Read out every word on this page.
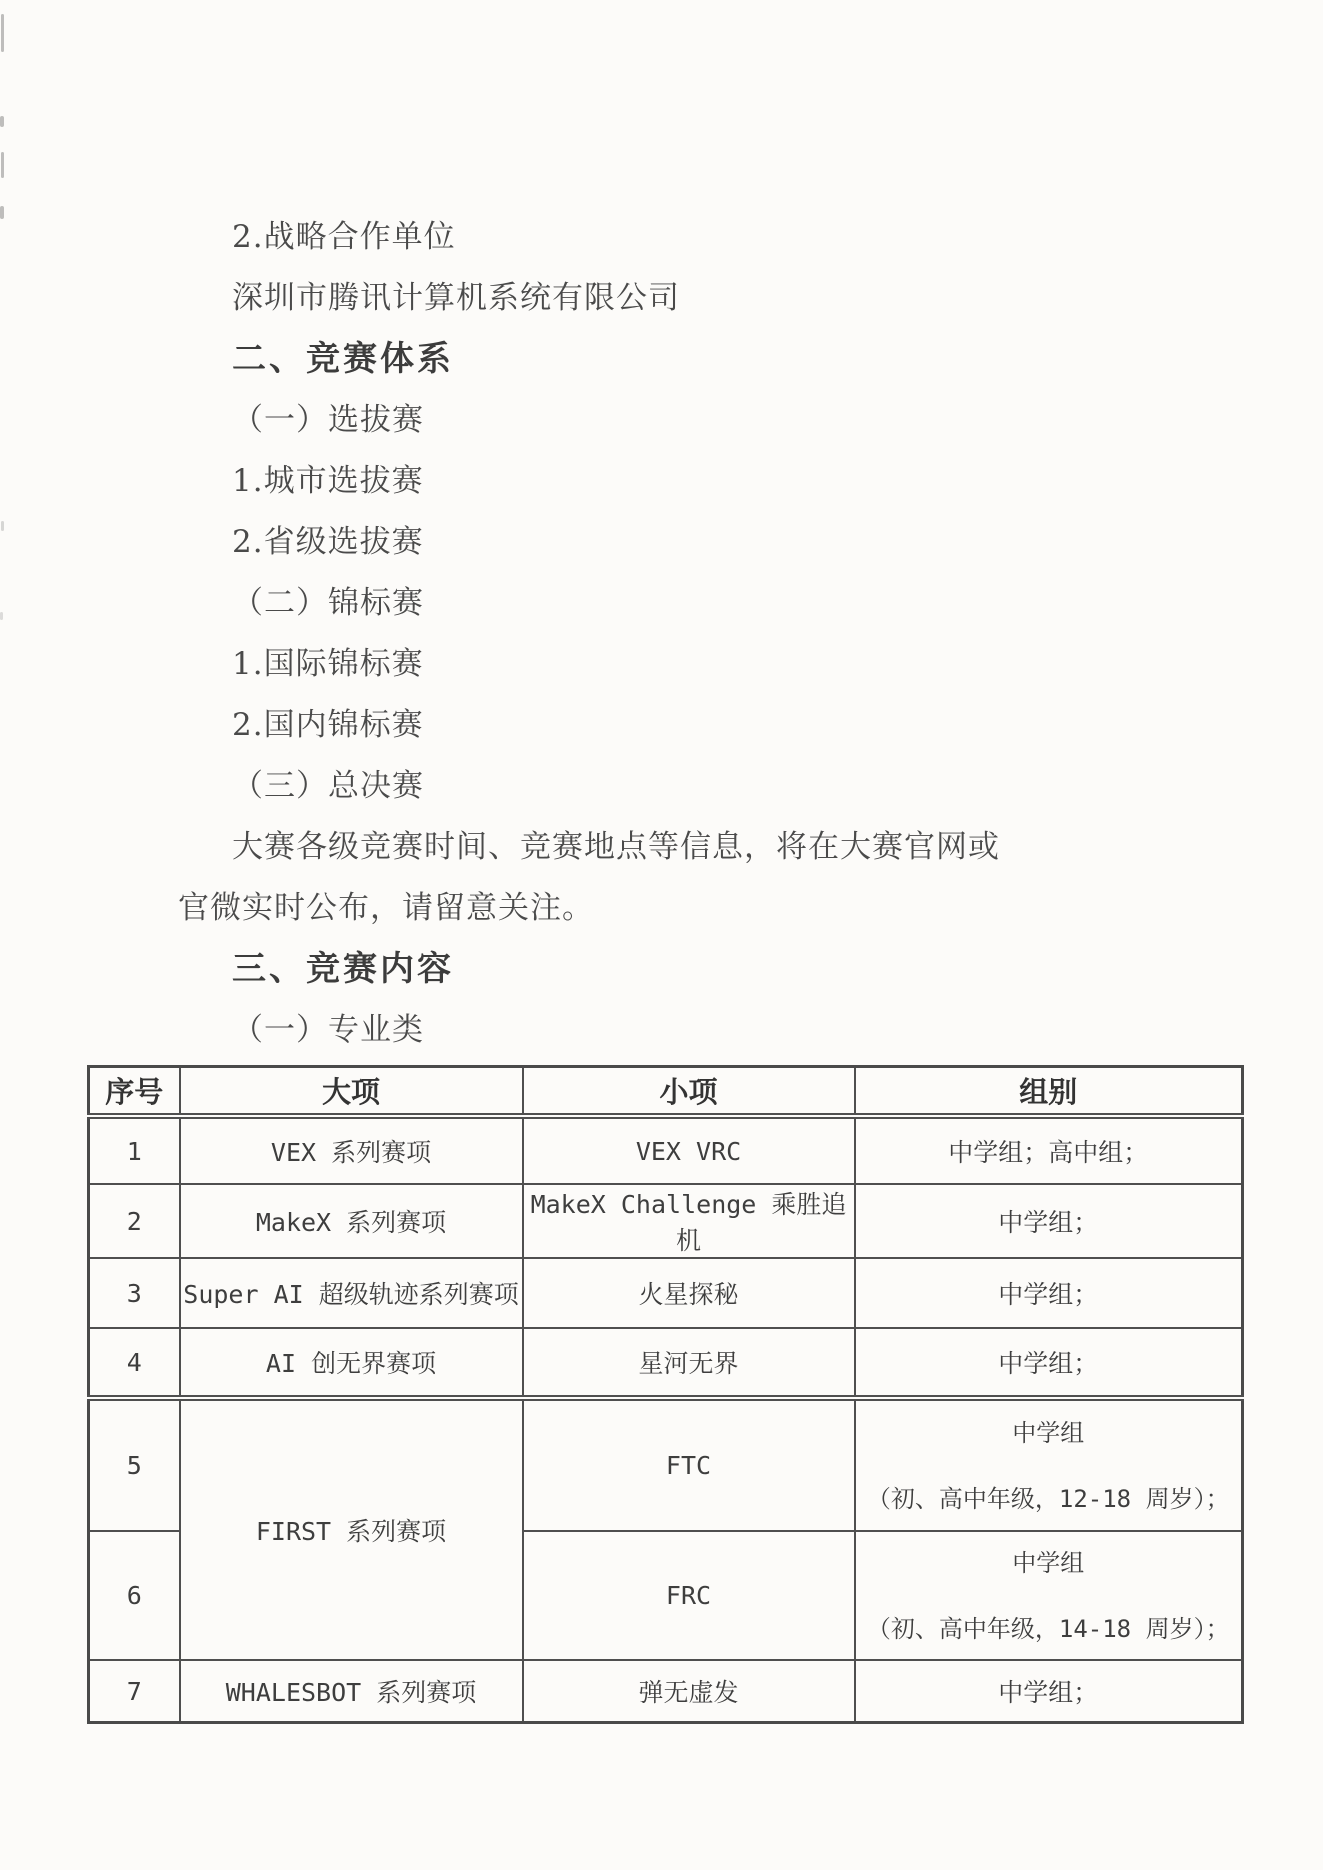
2.战略合作单位
深圳市腾讯计算机系统有限公司
二、竞赛体系
（一）选拔赛
1.城市选拔赛
2.省级选拔赛
（二）锦标赛
1.国际锦标赛
2.国内锦标赛
（三）总决赛
大赛各级竞赛时间、竞赛地点等信息，将在大赛官网或
官微实时公布，请留意关注。
三、竞赛内容
（一）专业类
序号	大项	小项	组别
1	VEX 系列赛项	VEX VRC	中学组；高中组；
2	MakeX 系列赛项	MakeX Challenge 乘胜追机	中学组；
3	Super AI 超级轨迹系列赛项	火星探秘	中学组；
4	AI 创无界赛项	星河无界	中学组；
5	FIRST 系列赛项	FTC	中学组
（初、高中年级，12-18 周岁）；

6		FRC	中学组
（初、高中年级，14-18 周岁）；

7	WHALESBOT 系列赛项	弹无虚发	中学组；
